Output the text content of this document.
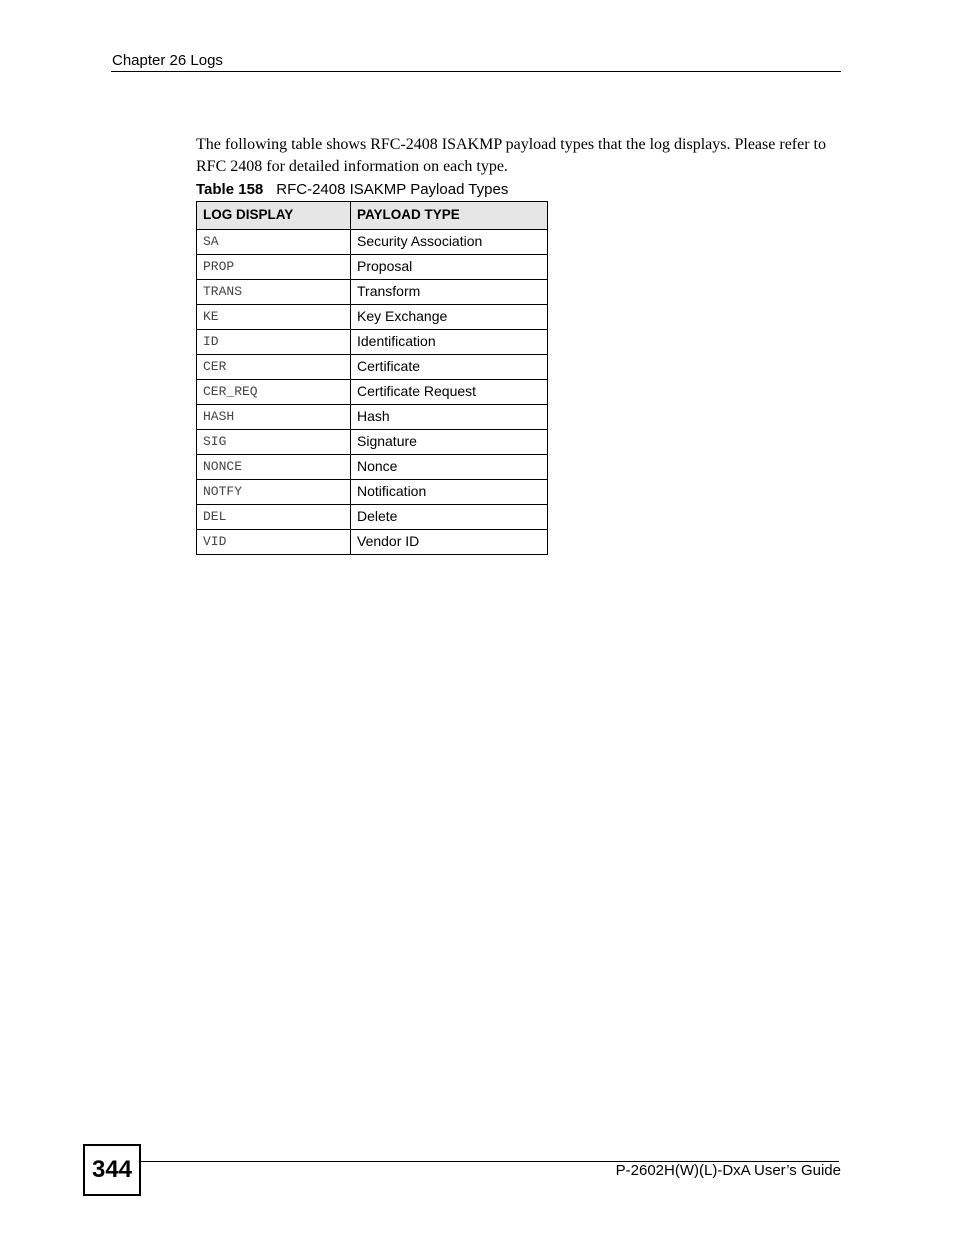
Chapter 26 Logs

The following table shows RFC-2408 ISAKMP payload types that the log displays. Please refer to RFC 2408 for detailed information on each type.

Table 158 RFC-2408 ISAKMP Payload Types
LOG DISPLAY	PAYLOAD TYPE
SA	Security Association
PROP	Proposal
TRANS	Transform
KE	Key Exchange
ID	Identification
CER	Certificate
CER_REQ	Certificate Request
HASH	Hash
SIG	Signature
NONCE	Nonce
NOTFY	Notification
DEL	Delete
VID	Vendor ID
344	P-2602H(W)(L)-DxA User’s Guide
